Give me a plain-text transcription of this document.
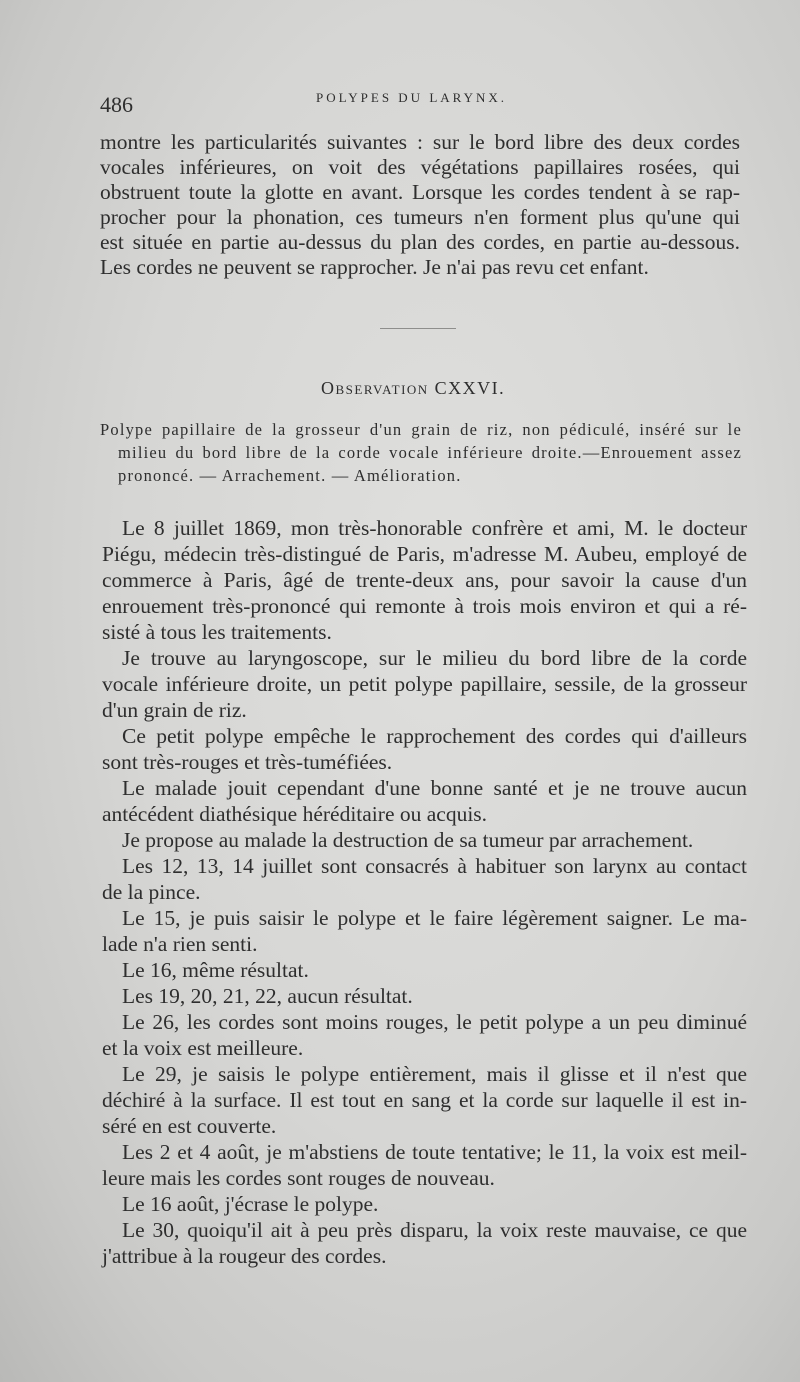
486	POLYPES DU LARYNX.
montre les particularités suivantes : sur le bord libre des deux cordes
vocales inférieures, on voit des végétations papillaires rosées, qui
obstruent toute la glotte en avant. Lorsque les cordes tendent à se rap-
procher pour la phonation, ces tumeurs n'en forment plus qu'une qui
est située en partie au-dessus du plan des cordes, en partie au-dessous.
Les cordes ne peuvent se rapprocher. Je n'ai pas revu cet enfant.
Observation CXXVI.
Polype papillaire de la grosseur d'un grain de riz, non pédiculé, inséré sur le
milieu du bord libre de la corde vocale inférieure droite.—Enrouement assez
prononcé. — Arrachement. — Amélioration.
Le 8 juillet 1869, mon très-honorable confrère et ami, M. le docteur
Piégu, médecin très-distingué de Paris, m'adresse M. Aubeu, employé de
commerce à Paris, âgé de trente-deux ans, pour savoir la cause d'un
enrouement très-prononcé qui remonte à trois mois environ et qui a ré-
sisté à tous les traitements.
Je trouve au laryngoscope, sur le milieu du bord libre de la corde
vocale inférieure droite, un petit polype papillaire, sessile, de la grosseur
d'un grain de riz.
Ce petit polype empêche le rapprochement des cordes qui d'ailleurs
sont très-rouges et très-tuméfiées.
Le malade jouit cependant d'une bonne santé et je ne trouve aucun
antécédent diathésique héréditaire ou acquis.
Je propose au malade la destruction de sa tumeur par arrachement.
Les 12, 13, 14 juillet sont consacrés à habituer son larynx au contact
de la pince.
Le 15, je puis saisir le polype et le faire légèrement saigner. Le ma-
lade n'a rien senti.
Le 16, même résultat.
Les 19, 20, 21, 22, aucun résultat.
Le 26, les cordes sont moins rouges, le petit polype a un peu diminué
et la voix est meilleure.
Le 29, je saisis le polype entièrement, mais il glisse et il n'est que
déchiré à la surface. Il est tout en sang et la corde sur laquelle il est in-
séré en est couverte.
Les 2 et 4 août, je m'abstiens de toute tentative; le 11, la voix est meil-
leure mais les cordes sont rouges de nouveau.
Le 16 août, j'écrase le polype.
Le 30, quoiqu'il ait à peu près disparu, la voix reste mauvaise, ce que
j'attribue à la rougeur des cordes.
